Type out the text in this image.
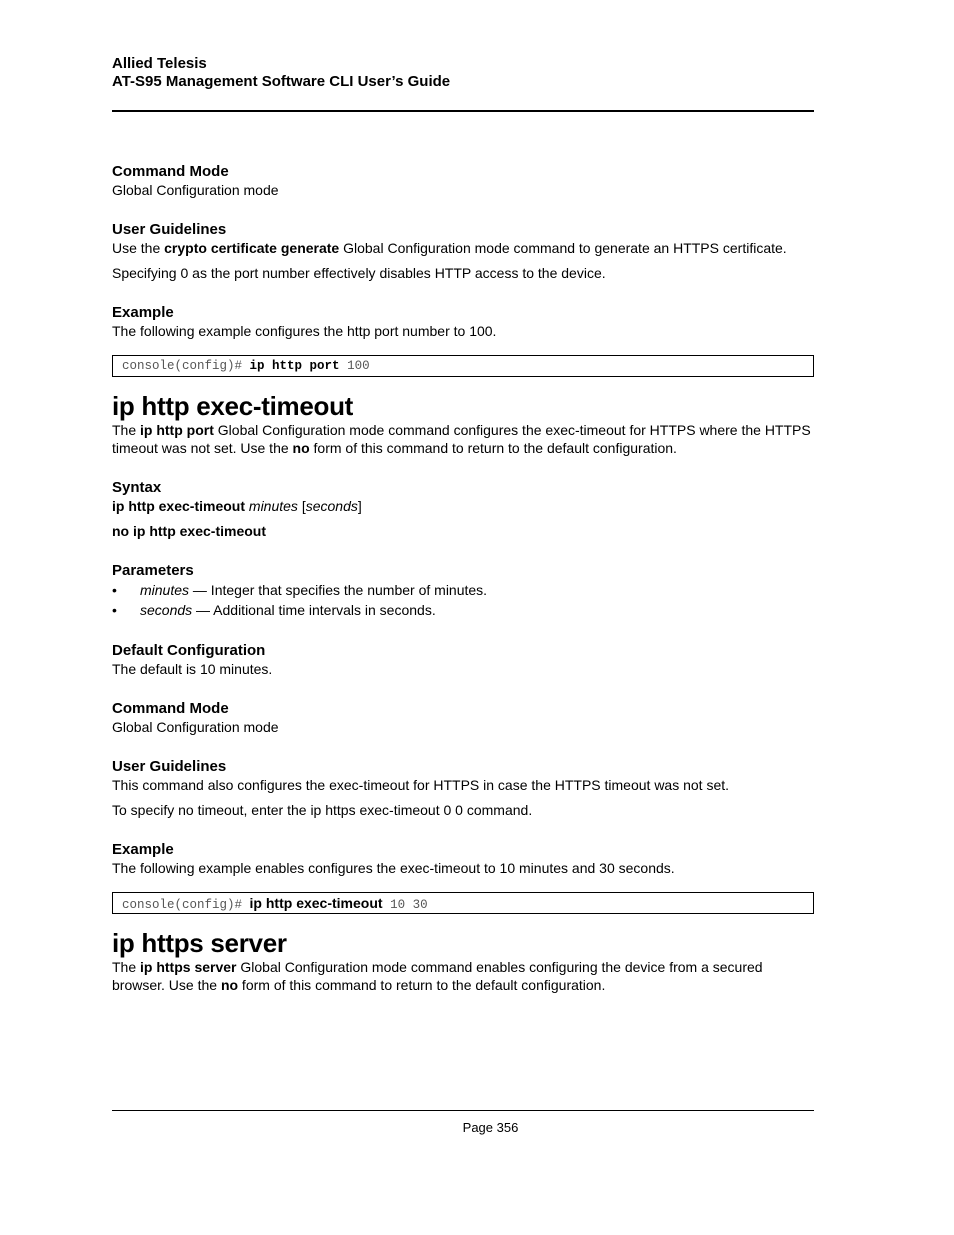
Allied Telesis
AT-S95 Management Software CLI User’s Guide
Command Mode

Global Configuration mode

User Guidelines

Use the crypto certificate generate Global Configuration mode command to generate an HTTPS certificate.

Specifying 0 as the port number effectively disables HTTP access to the device.

Example

The following example configures the http port number to 100.

console(config)# ip http port 100
ip http exec-timeout

The ip http port Global Configuration mode command configures the exec-timeout for HTTPS where the HTTPS timeout was not set. Use the no form of this command to return to the default configuration.

Syntax

ip http exec-timeout minutes [seconds]

no ip http exec-timeout

Parameters
• minutes — Integer that specifies the number of minutes.
• seconds — Additional time intervals in seconds.
Default Configuration

The default is 10 minutes.

Command Mode

Global Configuration mode

User Guidelines

This command also configures the exec-timeout for HTTPS in case the HTTPS timeout was not set.

To specify no timeout, enter the ip https exec-timeout 0 0 command.

Example

The following example enables configures the exec-timeout to 10 minutes and 30 seconds.

console(config)# ip http exec-timeout 10 30
ip https server

The ip https server Global Configuration mode command enables configuring the device from a secured browser. Use the no form of this command to return to the default configuration.

Page 356
